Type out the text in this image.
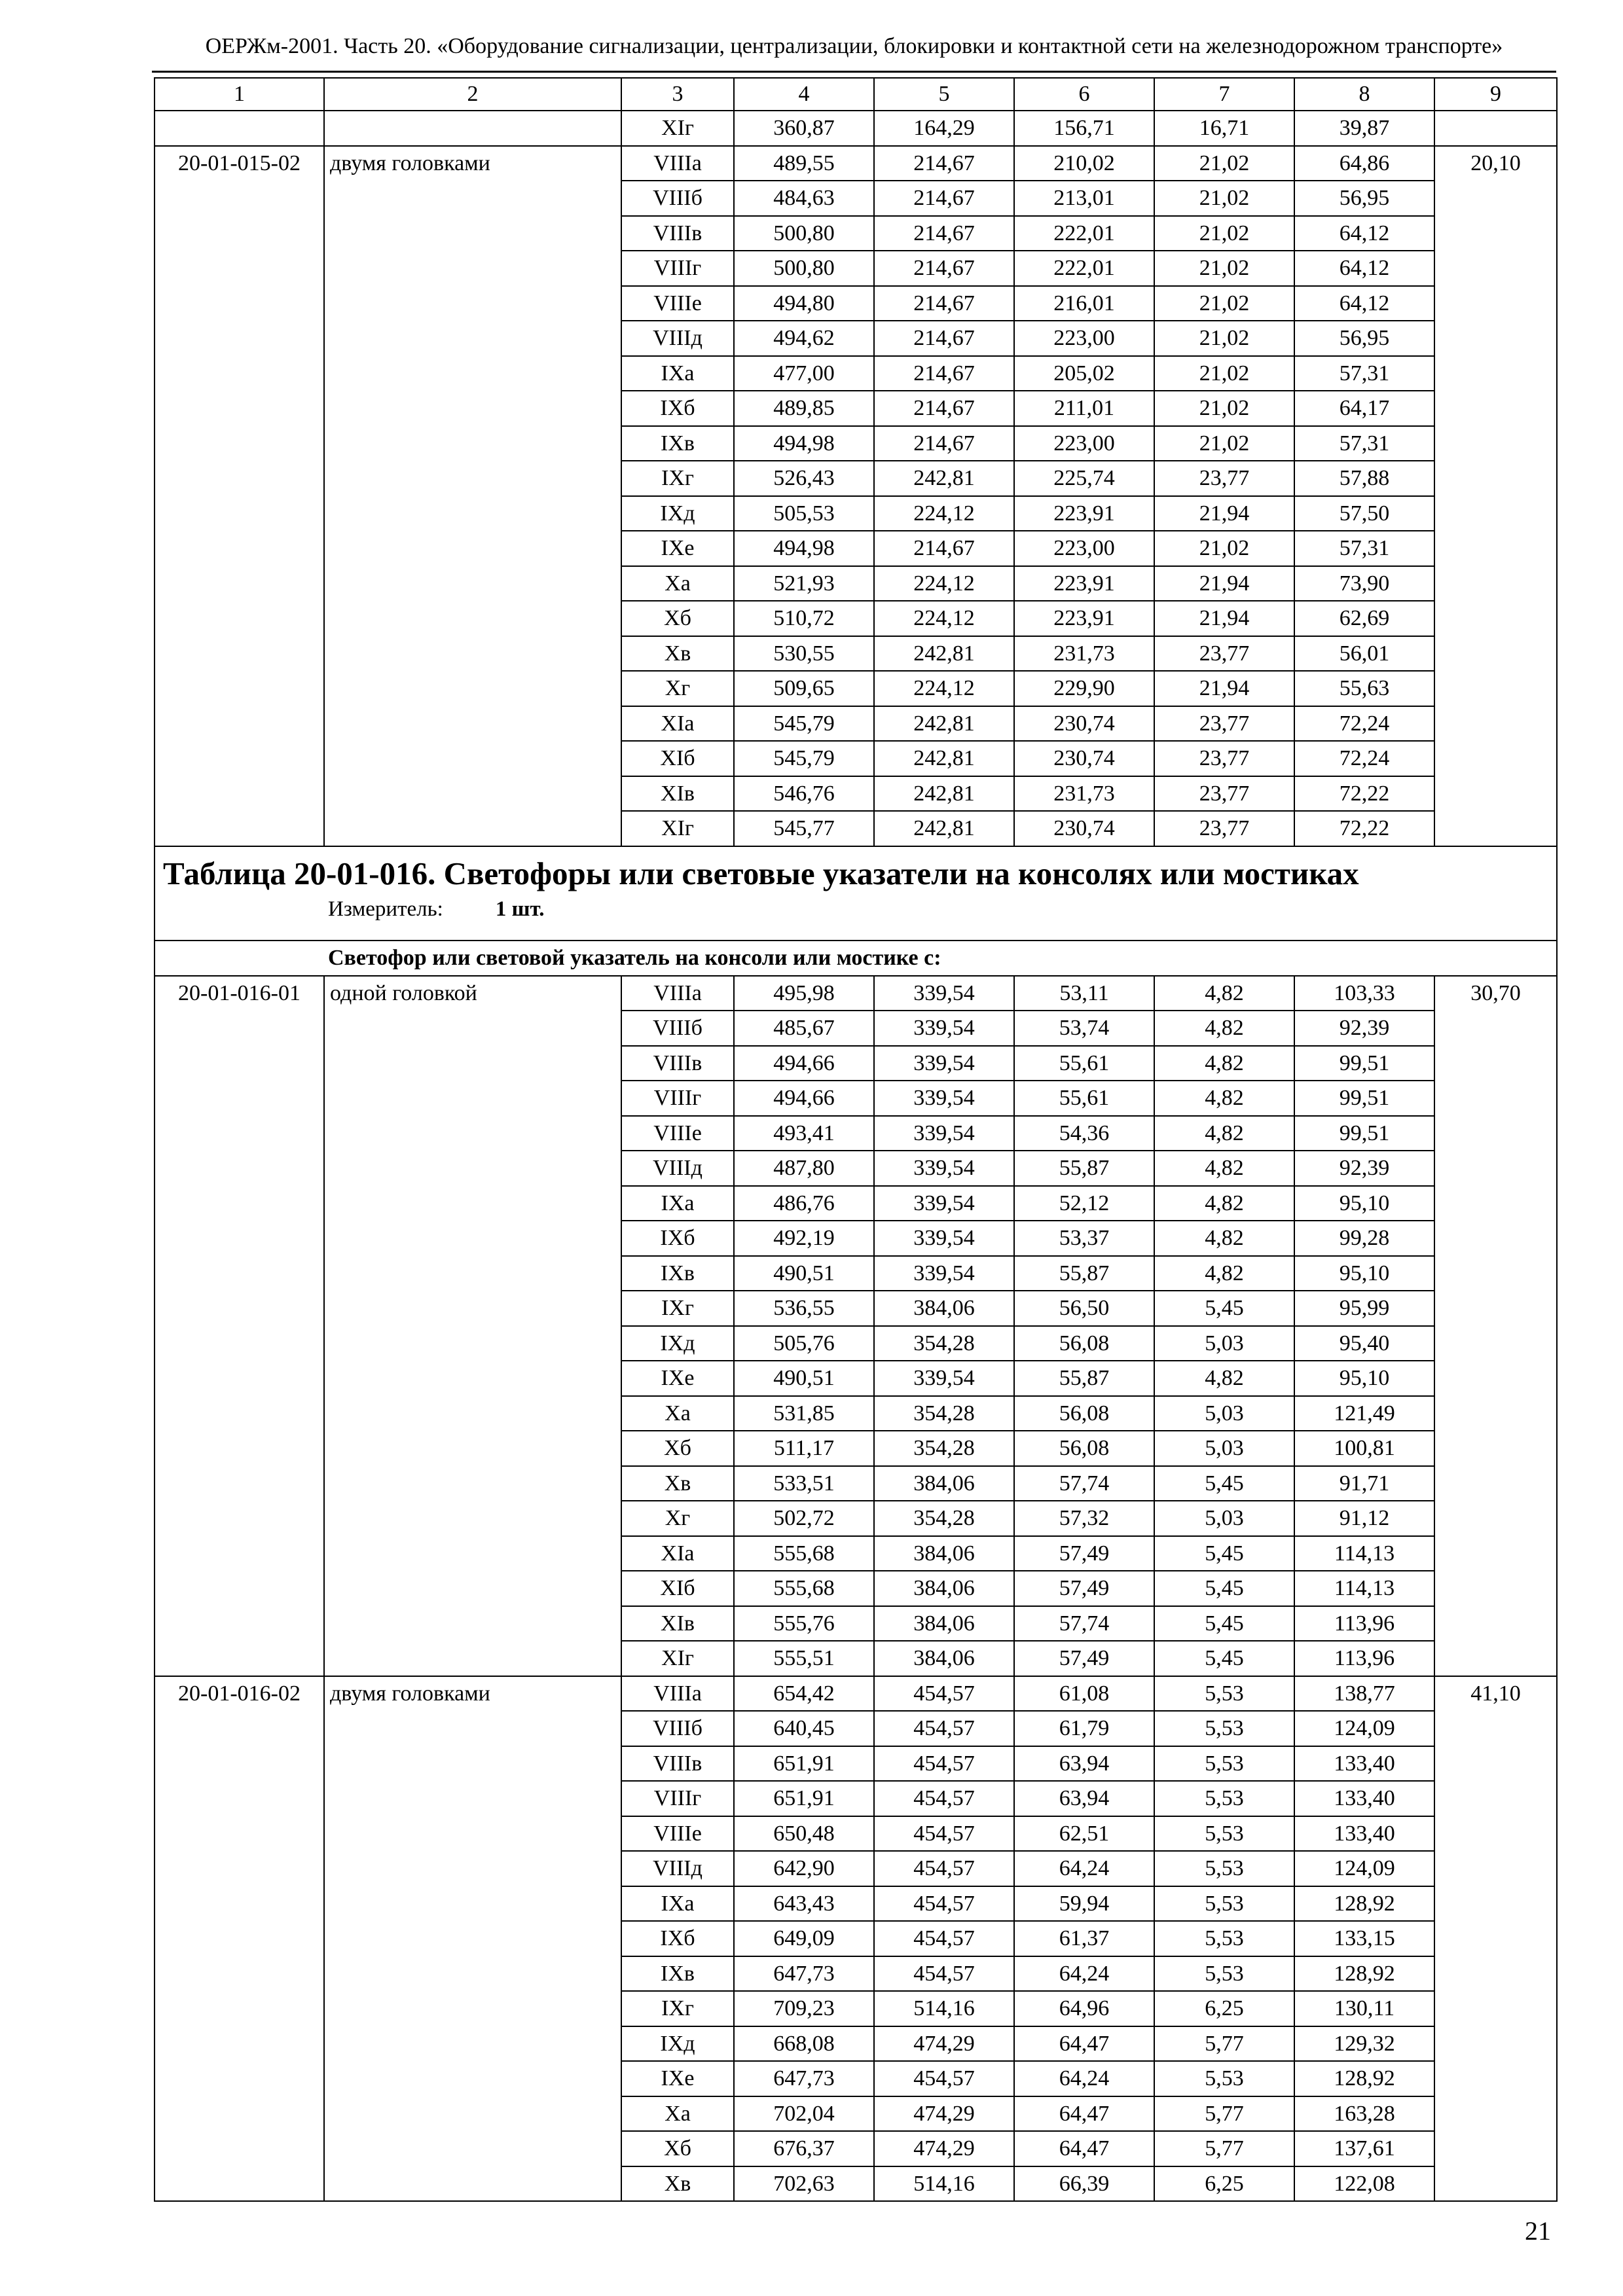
ОЕРЖм-2001. Часть 20. «Оборудование сигнализации, централизации, блокировки и контактной сети на железнодорожном транспорте»
1	2	3	4	5	6	7	8	9
		XIг	360,87	164,29	156,71	16,71	39,87	
20-01-015-02	двумя головками	VIIIа	489,55	214,67	210,02	21,02	64,86	20,10
		VIIIб	484,63	214,67	213,01	21,02	56,95	
		VIIIв	500,80	214,67	222,01	21,02	64,12	
		VIIIг	500,80	214,67	222,01	21,02	64,12	
		VIIIе	494,80	214,67	216,01	21,02	64,12	
		VIIIд	494,62	214,67	223,00	21,02	56,95	
		IXа	477,00	214,67	205,02	21,02	57,31	
		IXб	489,85	214,67	211,01	21,02	64,17	
		IXв	494,98	214,67	223,00	21,02	57,31	
		IXг	526,43	242,81	225,74	23,77	57,88	
		IXд	505,53	224,12	223,91	21,94	57,50	
		IXе	494,98	214,67	223,00	21,02	57,31	
		Xа	521,93	224,12	223,91	21,94	73,90	
		Xб	510,72	224,12	223,91	21,94	62,69	
		Xв	530,55	242,81	231,73	23,77	56,01	
		Xг	509,65	224,12	229,90	21,94	55,63	
		XIа	545,79	242,81	230,74	23,77	72,24	
		XIб	545,79	242,81	230,74	23,77	72,24	
		XIв	546,76	242,81	231,73	23,77	72,22	
		XIг	545,77	242,81	230,74	23,77	72,22	

Таблица 20-01-016. Светофоры или световые указатели на консолях или мостиках
Измеритель: 1 шт.								

Светофор или световой указатель на консоли или мостике с:								
20-01-016-01	одной головкой	VIIIа	495,98	339,54	53,11	4,82	103,33	30,70
		VIIIб	485,67	339,54	53,74	4,82	92,39	
		VIIIв	494,66	339,54	55,61	4,82	99,51	
		VIIIг	494,66	339,54	55,61	4,82	99,51	
		VIIIе	493,41	339,54	54,36	4,82	99,51	
		VIIIд	487,80	339,54	55,87	4,82	92,39	
		IXа	486,76	339,54	52,12	4,82	95,10	
		IXб	492,19	339,54	53,37	4,82	99,28	
		IXв	490,51	339,54	55,87	4,82	95,10	
		IXг	536,55	384,06	56,50	5,45	95,99	
		IXд	505,76	354,28	56,08	5,03	95,40	
		IXе	490,51	339,54	55,87	4,82	95,10	
		Xа	531,85	354,28	56,08	5,03	121,49	
		Xб	511,17	354,28	56,08	5,03	100,81	
		Xв	533,51	384,06	57,74	5,45	91,71	
		Xг	502,72	354,28	57,32	5,03	91,12	
		XIа	555,68	384,06	57,49	5,45	114,13	
		XIб	555,68	384,06	57,49	5,45	114,13	
		XIв	555,76	384,06	57,74	5,45	113,96	
		XIг	555,51	384,06	57,49	5,45	113,96	
20-01-016-02	двумя головками	VIIIа	654,42	454,57	61,08	5,53	138,77	41,10
		VIIIб	640,45	454,57	61,79	5,53	124,09	
		VIIIв	651,91	454,57	63,94	5,53	133,40	
		VIIIг	651,91	454,57	63,94	5,53	133,40	
		VIIIе	650,48	454,57	62,51	5,53	133,40	
		VIIIд	642,90	454,57	64,24	5,53	124,09	
		IXа	643,43	454,57	59,94	5,53	128,92	
		IXб	649,09	454,57	61,37	5,53	133,15	
		IXв	647,73	454,57	64,24	5,53	128,92	
		IXг	709,23	514,16	64,96	6,25	130,11	
		IXд	668,08	474,29	64,47	5,77	129,32	
		IXе	647,73	454,57	64,24	5,53	128,92	
		Xа	702,04	474,29	64,47	5,77	163,28	
		Xб	676,37	474,29	64,47	5,77	137,61	
		Xв	702,63	514,16	66,39	6,25	122,08	
21
